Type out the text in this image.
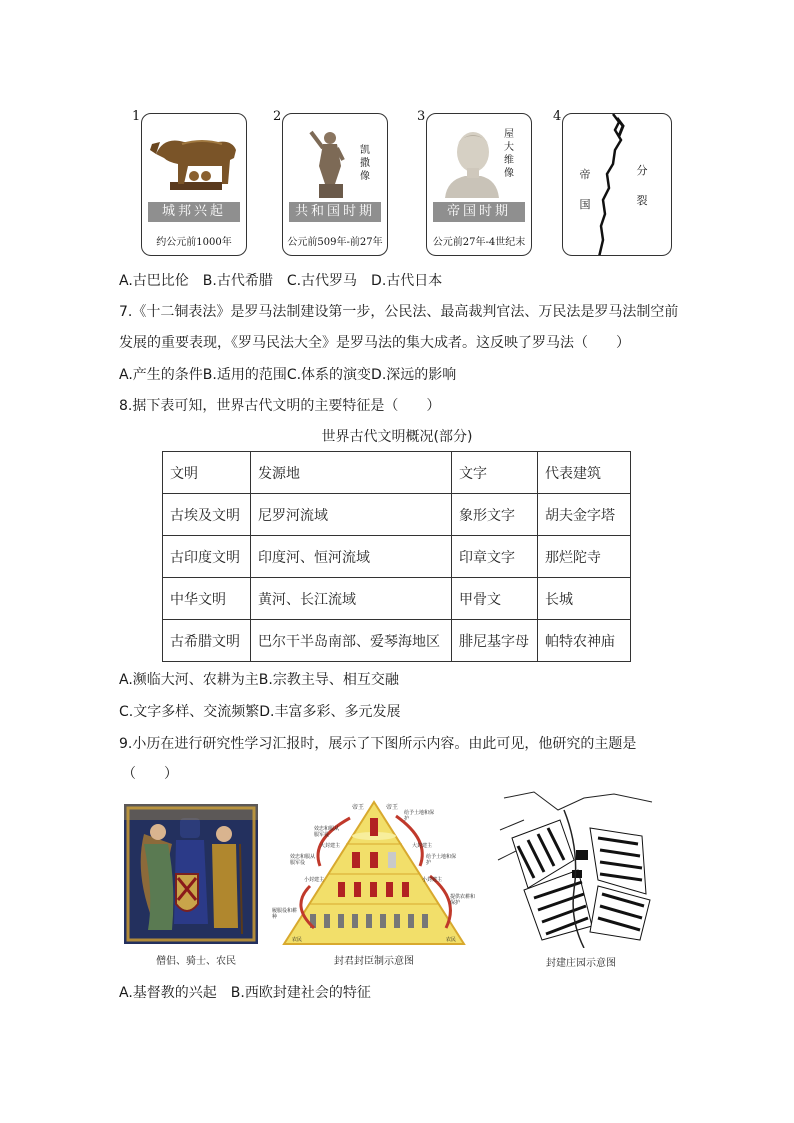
1
城邦兴起
约公元前1000年
2
凯撒像
共和国时期
公元前509年-前27年
3
屋大维像
帝国时期
公元前27年-4世纪末
4
帝国
分裂
A.古巴比伦　B.古代希腊　C.古代罗马　D.古代日本
7.《十二铜表法》是罗马法制建设第一步，公民法、最高裁判官法、万民法是罗马法制空前
发展的重要表现，《罗马民法大全》是罗马法的集大成者。这反映了罗马法（　　）
A.产生的条件B.适用的范围C.体系的演变D.深远的影响
8.据下表可知，世界古代文明的主要特征是（　　）
世界古代文明概况(部分)
文明	发源地	文字	代表建筑
古埃及文明	尼罗河流域	象形文字	胡夫金字塔
古印度文明	印度河、恒河流域	印章文字	那烂陀寺
中华文明	黄河、长江流域	甲骨文	长城
古希腊文明	巴尔干半岛南部、爱琴海地区	腓尼基字母	帕特农神庙
A.濒临大河、农耕为主B.宗教主导、相互交融
C.文字多样、交流频繁D.丰富多彩、多元发展
9.小历在进行研究性学习汇报时，展示了下图所示内容。由此可见，他研究的主题是
（　　）
僧侣、骑士、农民
帝王	帝王
效忠和服从服军役
给予土地和保护
大封建主	大封建主
效忠和服从服军役
给予土地和保护
小封建主	小封建主
履服役和耕种
提供农耕和保护
农民	农民
封君封臣制示意图	封建庄园示意图
A.基督教的兴起　B.西欧封建社会的特征
